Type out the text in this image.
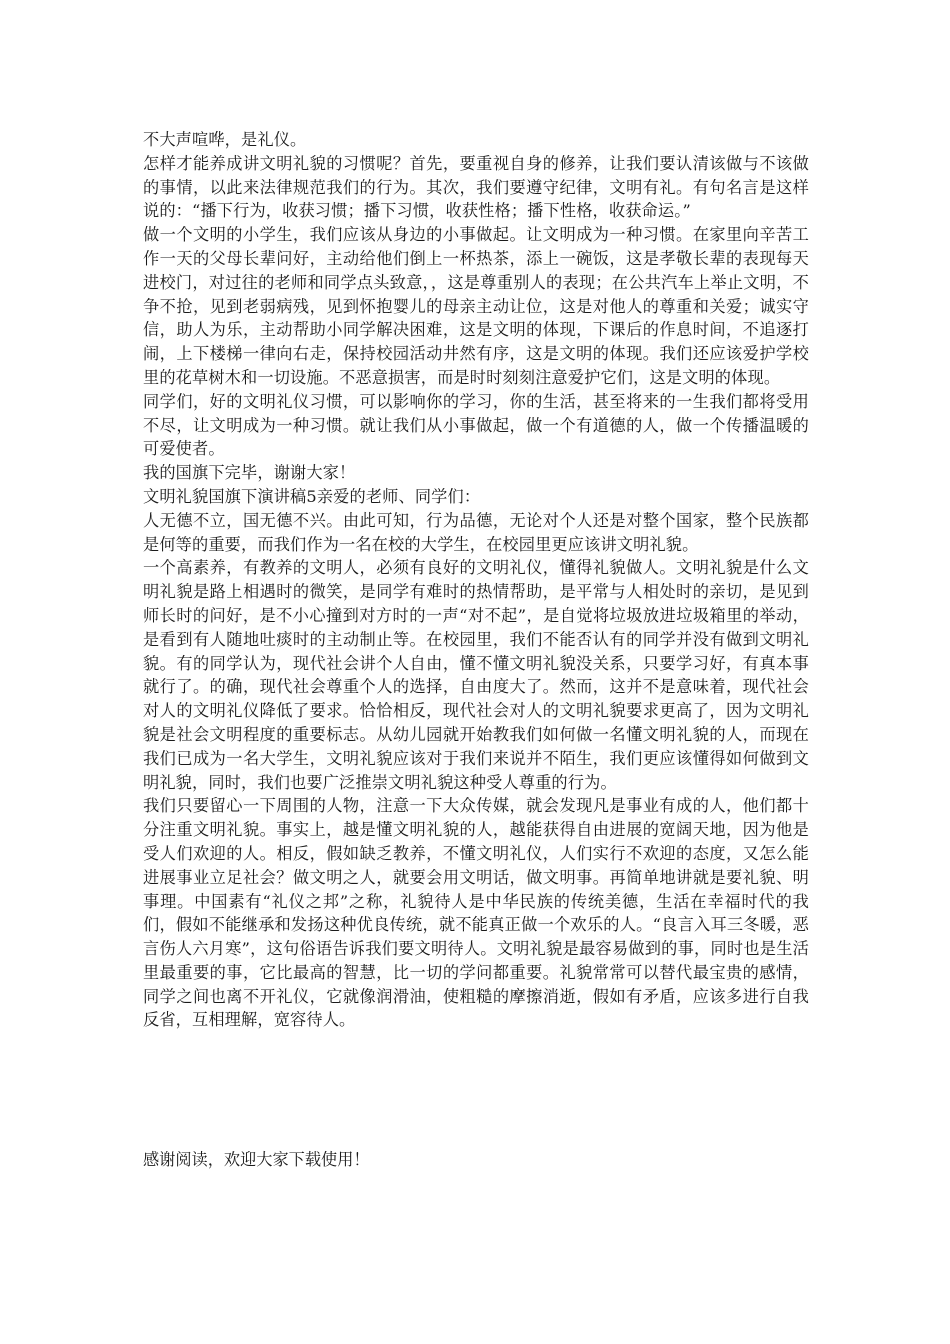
不大声喧哗，是礼仪。

怎样才能养成讲文明礼貌的习惯呢？首先，要重视自身的修养，让我们要认清该做与不该做的事情，以此来法律规范我们的行为。其次，我们要遵守纪律，文明有礼。有句名言是这样说的：“播下行为，收获习惯；播下习惯，收获性格；播下性格，收获命运。”

做一个文明的小学生，我们应该从身边的小事做起。让文明成为一种习惯。在家里向辛苦工作一天的父母长辈问好，主动给他们倒上一杯热茶，添上一碗饭，这是孝敬长辈的表现每天进校门，对过往的老师和同学点头致意，，这是尊重别人的表现；在公共汽车上举止文明，不争不抢，见到老弱病残，见到怀抱婴儿的母亲主动让位，这是对他人的尊重和关爱；诚实守信，助人为乐，主动帮助小同学解决困难，这是文明的体现，下课后的作息时间，不追逐打闹，上下楼梯一律向右走，保持校园活动井然有序，这是文明的体现。我们还应该爱护学校里的花草树木和一切设施。不恶意损害，而是时时刻刻注意爱护它们，这是文明的体现。

同学们，好的文明礼仪习惯，可以影响你的学习，你的生活，甚至将来的一生我们都将受用不尽，让文明成为一种习惯。就让我们从小事做起，做一个有道德的人，做一个传播温暖的可爱使者。

我的国旗下完毕，谢谢大家！

文明礼貌国旗下演讲稿5亲爱的老师、同学们：

人无德不立，国无德不兴。由此可知，行为品德，无论对个人还是对整个国家，整个民族都是何等的重要，而我们作为一名在校的大学生，在校园里更应该讲文明礼貌。

一个高素养，有教养的文明人，必须有良好的文明礼仪，懂得礼貌做人。文明礼貌是什么文明礼貌是路上相遇时的微笑，是同学有难时的热情帮助，是平常与人相处时的亲切，是见到师长时的问好，是不小心撞到对方时的一声“对不起”，是自觉将垃圾放进垃圾箱里的举动，是看到有人随地吐痰时的主动制止等。在校园里，我们不能否认有的同学并没有做到文明礼貌。有的同学认为，现代社会讲个人自由，懂不懂文明礼貌没关系，只要学习好，有真本事就行了。的确，现代社会尊重个人的选择，自由度大了。然而，这并不是意味着，现代社会对人的文明礼仪降低了要求。恰恰相反，现代社会对人的文明礼貌要求更高了，因为文明礼貌是社会文明程度的重要标志。从幼儿园就开始教我们如何做一名懂文明礼貌的人，而现在我们已成为一名大学生，文明礼貌应该对于我们来说并不陌生，我们更应该懂得如何做到文明礼貌，同时，我们也要广泛推崇文明礼貌这种受人尊重的行为。

我们只要留心一下周围的人物，注意一下大众传媒，就会发现凡是事业有成的人，他们都十分注重文明礼貌。事实上，越是懂文明礼貌的人，越能获得自由进展的宽阔天地，因为他是受人们欢迎的人。相反，假如缺乏教养，不懂文明礼仪，人们实行不欢迎的态度，又怎么能进展事业立足社会？做文明之人，就要会用文明话，做文明事。再简单地讲就是要礼貌、明事理。中国素有“礼仪之邦”之称，礼貌待人是中华民族的传统美德，生活在幸福时代的我们，假如不能继承和发扬这种优良传统，就不能真正做一个欢乐的人。“良言入耳三冬暖，恶言伤人六月寒”，这句俗语告诉我们要文明待人。文明礼貌是最容易做到的事，同时也是生活里最重要的事，它比最高的智慧，比一切的学问都重要。礼貌常常可以替代最宝贵的感情，同学之间也离不开礼仪，它就像润滑油，使粗糙的摩擦消逝，假如有矛盾，应该多进行自我反省，互相理解，宽容待人。

感谢阅读，欢迎大家下载使用！
